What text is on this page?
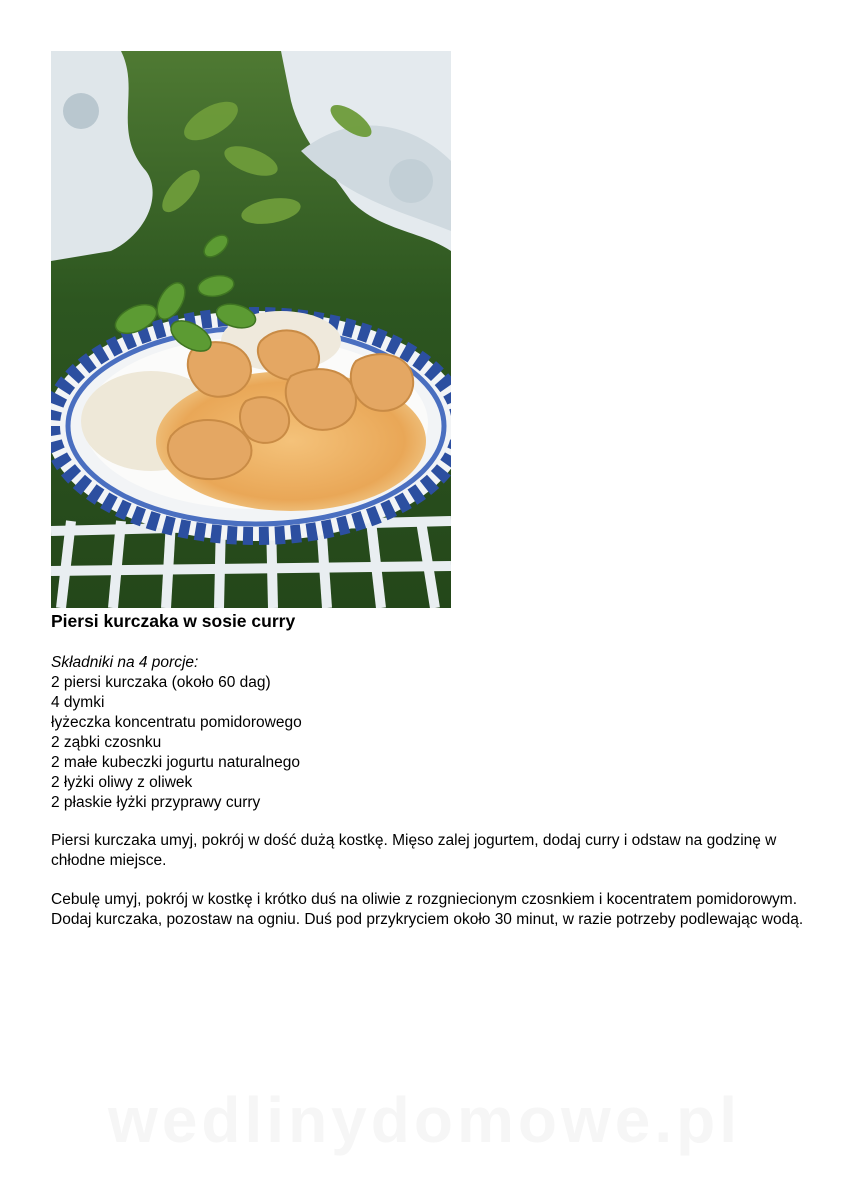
Piersi kurczaka w sosie curry
Składniki na 4 porcje:
2 piersi kurczaka (około 60 dag)
4 dymki
łyżeczka koncentratu pomidorowego
2 ząbki czosnku
2 małe kubeczki jogurtu naturalnego
2 łyżki oliwy z oliwek
2 płaskie łyżki przyprawy curry

Piersi kurczaka umyj, pokrój w dość dużą kostkę. Mięso zalej jogurtem, dodaj curry i odstaw na godzinę w chłodne miejsce.

Cebulę umyj, pokrój w kostkę i krótko duś na oliwie z rozgniecionym czosnkiem i kocentratem pomidorowym. Dodaj kurczaka, pozostaw na ogniu. Duś pod przykryciem około 30 minut, w razie potrzeby podlewając wodą.

wedlinydomowe.pl
